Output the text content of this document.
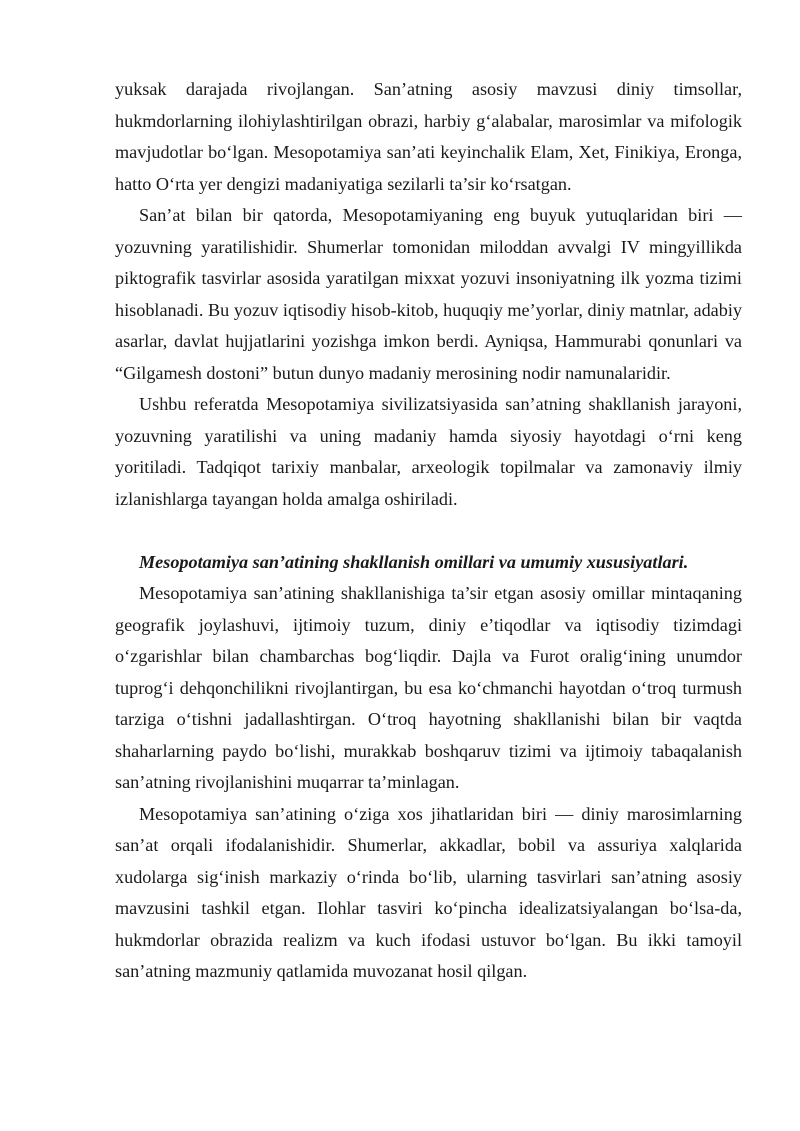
yuksak darajada rivojlangan. San’atning asosiy mavzusi diniy timsollar, hukmdorlarning ilohiylashtirilgan obrazi, harbiy g‘alabalar, marosimlar va mifologik mavjudotlar bo‘lgan. Mesopotamiya san’ati keyinchalik Elam, Xet, Finikiya, Eronga, hatto O‘rta yer dengizi madaniyatiga sezilarli ta’sir ko‘rsatgan.

San’at bilan bir qatorda, Mesopotamiyaning eng buyuk yutuqlaridan biri — yozuvning yaratilishidir. Shumerlar tomonidan miloddan avvalgi IV mingyillikda piktografik tasvirlar asosida yaratilgan mixxat yozuvi insoniyatning ilk yozma tizimi hisoblanadi. Bu yozuv iqtisodiy hisob-kitob, huquqiy me’yorlar, diniy matnlar, adabiy asarlar, davlat hujjatlarini yozishga imkon berdi. Ayniqsa, Hammurabi qonunlari va “Gilgamesh dostoni” butun dunyo madaniy merosining nodir namunalaridir.

Ushbu referatda Mesopotamiya sivilizatsiyasida san’atning shakllanish jarayoni, yozuvning yaratilishi va uning madaniy hamda siyosiy hayotdagi o‘rni keng yoritiladi. Tadqiqot tarixiy manbalar, arxeologik topilmalar va zamonaviy ilmiy izlanishlarga tayangan holda amalga oshiriladi.

Mesopotamiya san’atining shakllanish omillari va umumiy xususiyatlari.

Mesopotamiya san’atining shakllanishiga ta’sir etgan asosiy omillar mintaqaning geografik joylashuvi, ijtimoiy tuzum, diniy e’tiqodlar va iqtisodiy tizimdagi o‘zgarishlar bilan chambarchas bog‘liqdir. Dajla va Furot oralig‘ining unumdor tuprog‘i dehqonchilikni rivojlantirgan, bu esa ko‘chmanchi hayotdan o‘troq turmush tarziga o‘tishni jadallashtirgan. O‘troq hayotning shakllanishi bilan bir vaqtda shaharlarning paydo bo‘lishi, murakkab boshqaruv tizimi va ijtimoiy tabaqalanish san’atning rivojlanishini muqarrar ta’minlagan.

Mesopotamiya san’atining o‘ziga xos jihatlaridan biri — diniy marosimlarning san’at orqali ifodalanishidir. Shumerlar, akkadlar, bobil va assuriya xalqlarida xudolarga sig‘inish markaziy o‘rinda bo‘lib, ularning tasvirlari san’atning asosiy mavzusini tashkil etgan. Ilohlar tasviri ko‘pincha idealizatsiyalangan bo‘lsa-da, hukmdorlar obrazida realizm va kuch ifodasi ustuvor bo‘lgan. Bu ikki tamoyil san’atning mazmuniy qatlamida muvozanat hosil qilgan.
